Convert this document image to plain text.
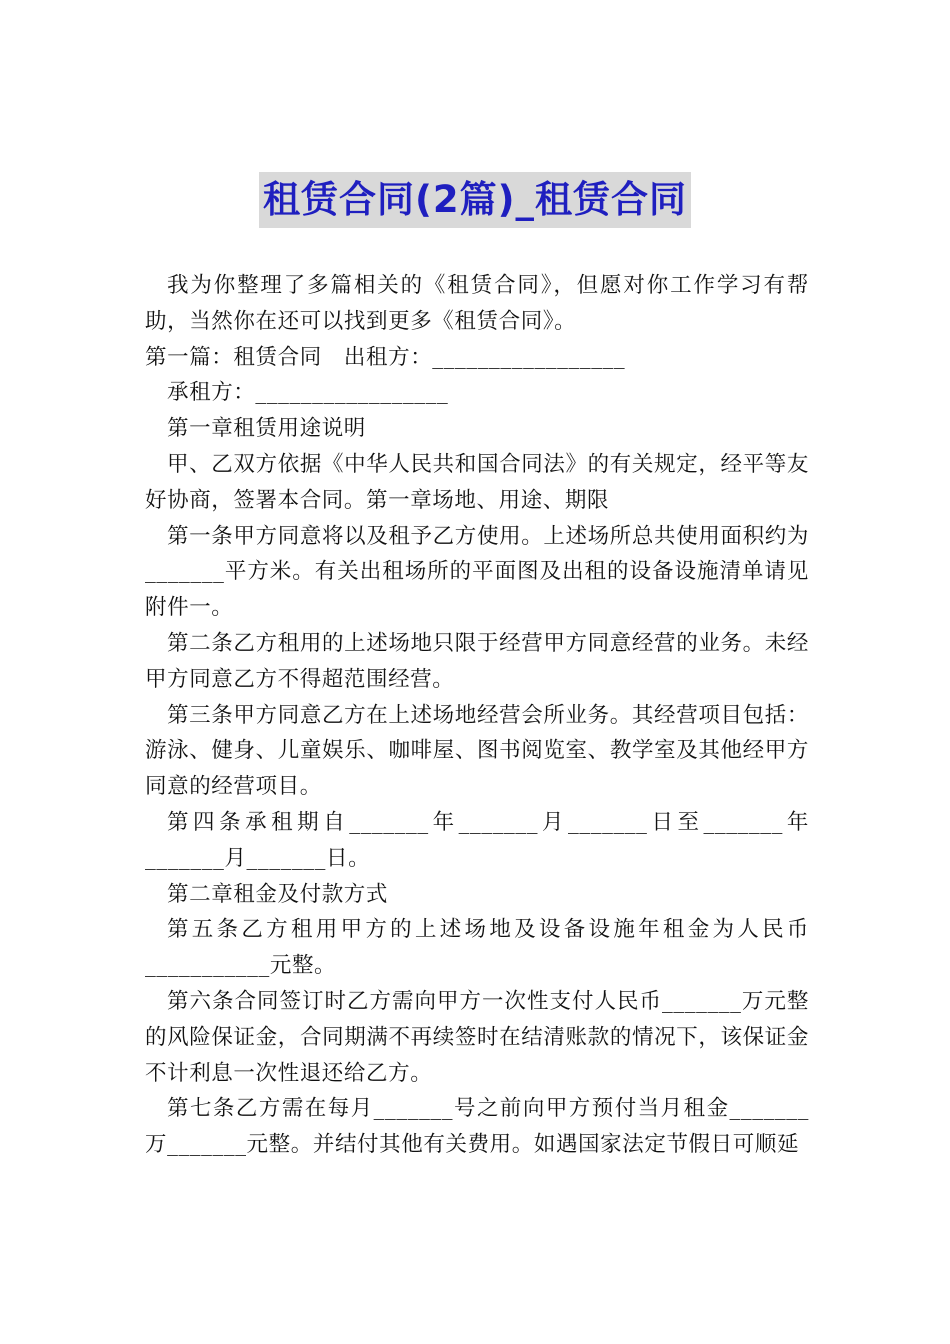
租赁合同(2篇)_租赁合同

我为你整理了多篇相关的《租赁合同》，但愿对你工作学习有帮助，当然你在还可以找到更多《租赁合同》。

第一篇：租赁合同　出租方：_________________

承租方：_________________

第一章租赁用途说明

甲、乙双方依据《中华人民共和国合同法》的有关规定，经平等友好协商，签署本合同。第一章场地、用途、期限

第一条甲方同意将以及租予乙方使用。上述场所总共使用面积约为_______平方米。有关出租场所的平面图及出租的设备设施清单请见附件一。

第二条乙方租用的上述场地只限于经营甲方同意经营的业务。未经甲方同意乙方不得超范围经营。

第三条甲方同意乙方在上述场地经营会所业务。其经营项目包括：游泳、健身、儿童娱乐、咖啡屋、图书阅览室、教学室及其他经甲方同意的经营项目。

第四条承租期自_______年_______月_______日至_______年_______月_______日。

第二章租金及付款方式

第五条乙方租用甲方的上述场地及设备设施年租金为人民币___________元整。

第六条合同签订时乙方需向甲方一次性支付人民币_______万元整的风险保证金，合同期满不再续签时在结清账款的情况下，该保证金不计利息一次性退还给乙方。

第七条乙方需在每月_______号之前向甲方预付当月租金_______万_______元整。并结付其他有关费用。如遇国家法定节假日可顺延
